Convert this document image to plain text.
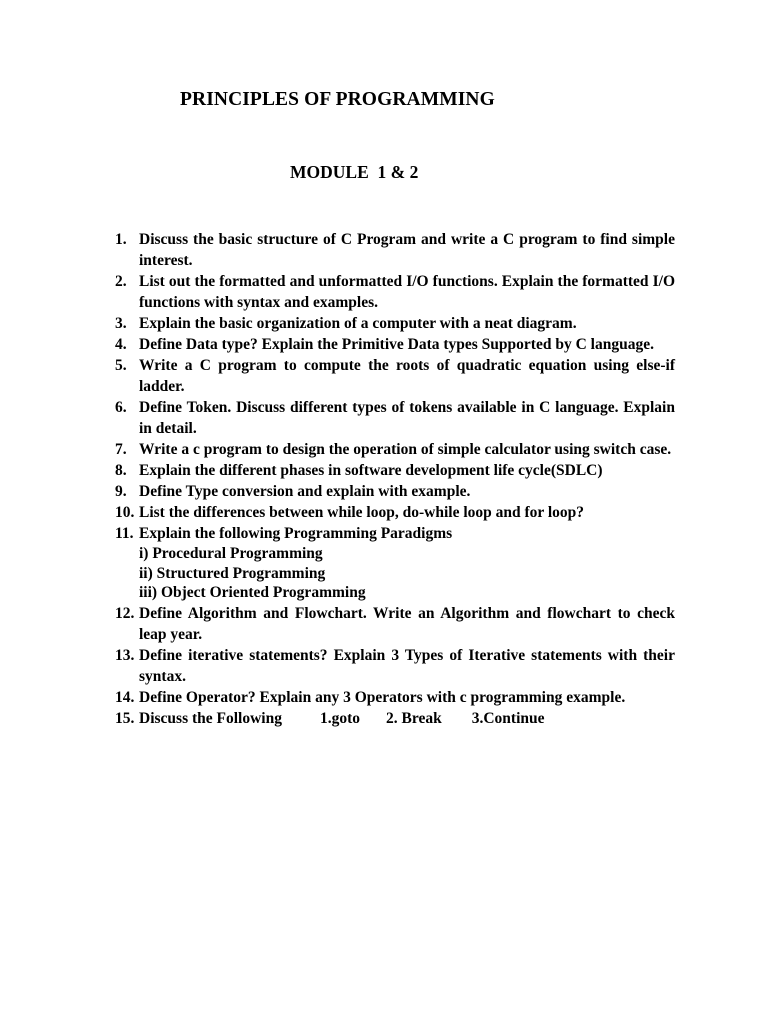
PRINCIPLES OF PROGRAMMING
MODULE  1 & 2
1. Discuss the basic structure of C Program and write a C program to find simple interest.
2. List out the formatted and unformatted I/O functions. Explain the formatted I/O functions with syntax and examples.
3. Explain the basic organization of a computer with a neat diagram.
4. Define Data type? Explain the Primitive Data types Supported by C language.
5. Write a C program to compute the roots of quadratic equation using else-if ladder.
6. Define Token. Discuss different types of tokens available in C language. Explain in detail.
7. Write a c program to design the operation of simple calculator using switch case.
8. Explain the different phases in software development life cycle(SDLC)
9. Define Type conversion and explain with example.
10. List the differences between while loop, do-while loop and for loop?
11. Explain the following Programming Paradigms
i) Procedural Programming
ii) Structured Programming
iii) Object Oriented Programming
12. Define Algorithm and Flowchart. Write an Algorithm and flowchart to check leap year.
13. Define iterative statements? Explain 3 Types of Iterative statements with their syntax.
14. Define Operator? Explain any 3 Operators with c programming example.
15. Discuss the Following 1.goto 2. Break 3.Continue
